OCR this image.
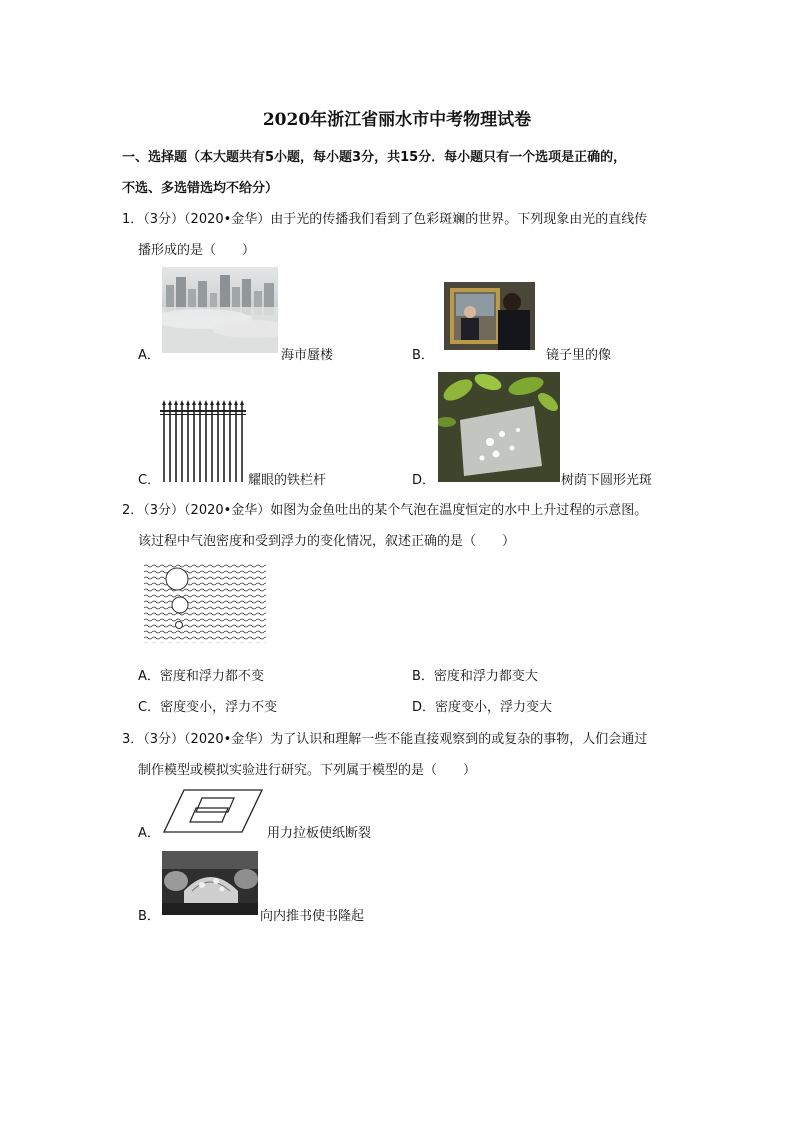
2020年浙江省丽水市中考物理试卷
一、选择题（本大题共有5小题，每小题3分，共15分．每小题只有一个选项是正确的，
不选、多选错选均不给分）
1．（3分）（2020•金华）由于光的传播我们看到了色彩斑斓的世界。下列现象由光的直线传
播形成的是（　　）
A．	海市蜃楼	B．	镜子里的像
C．	耀眼的铁栏杆	D．	树荫下圆形光斑
2．（3分）（2020•金华）如图为金鱼吐出的某个气泡在温度恒定的水中上升过程的示意图。
该过程中气泡密度和受到浮力的变化情况，叙述正确的是（　　）
A．密度和浮力都不变	B．密度和浮力都变大
C．密度变小，浮力不变	D．密度变小，浮力变大
3．（3分）（2020•金华）为了认识和理解一些不能直接观察到的或复杂的事物，人们会通过
制作模型或模拟实验进行研究。下列属于模型的是（　　）
A．	用力拉板使纸断裂
B．	向内推书使书隆起
